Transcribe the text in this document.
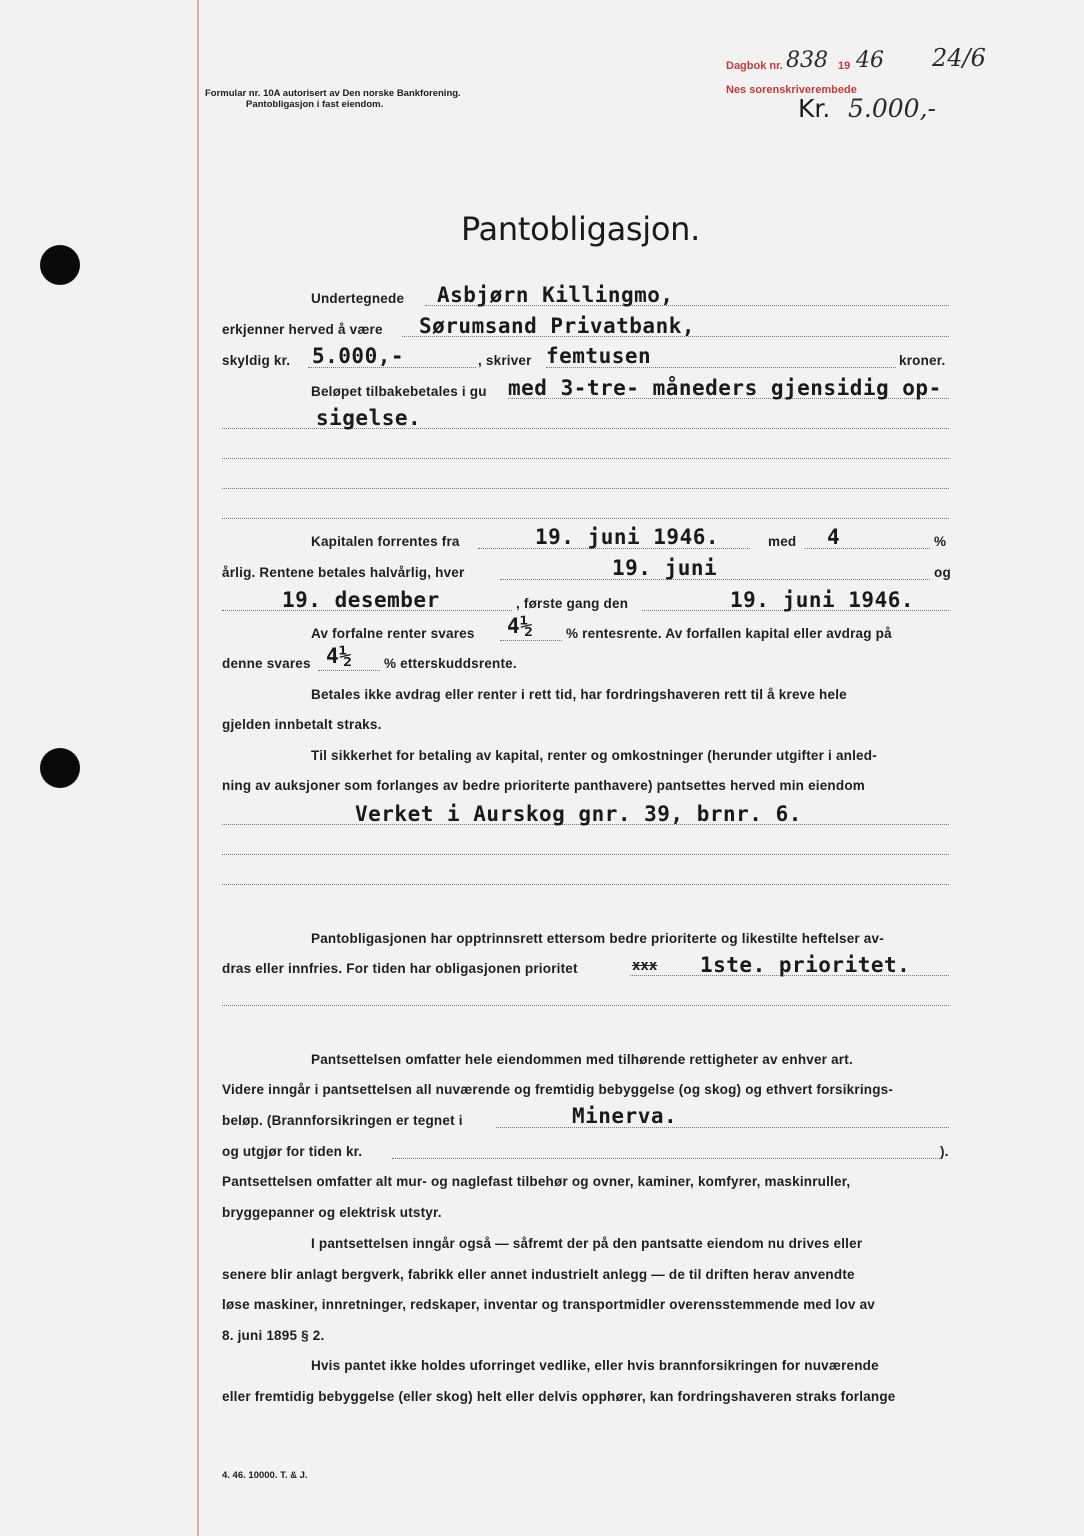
Formular nr. 10A autorisert av Den norske Bankforening.
Pantobligasjon i fast eiendom.
Dagbok nr. 838 19 46 24/6
Nes sorenskriverembede
Kr. 5.000,-
Pantobligasjon.
Undertegnede Asbjørn Killingmo,
erkjenner herved å være Sørumsand Privatbank,
skyldig kr. 5.000,-	, skriver femtusen	kroner.
Beløpet tilbakebetales i gu med 3-tre- måneders gjensidig op-
sigelse.
Kapitalen forrentes fra	19. juni 1946.	med 4	%
årlig. Rentene betales halvårlig, hver	19. juni	og
19. desember	, første gang den	19. juni 1946.
Av forfalne renter svares 4½ % rentesrente. Av forfallen kapital eller avdrag på
denne svares 4½ % etterskuddsrente.
Betales ikke avdrag eller renter i rett tid, har fordringshaveren rett til å kreve hele
gjelden innbetalt straks.
Til sikkerhet for betaling av kapital, renter og omkostninger (herunder utgifter i anled-
ning av auksjoner som forlanges av bedre prioriterte panthavere) pantsettes herved min eiendom
Verket i Aurskog gnr. 39, brnr. 6.
Pantobligasjonen har opptrinnsrett ettersom bedre prioriterte og likestilte heftelser av-
dras eller innfries. For tiden har obligasjonen prioritet	xxx 1ste. prioritet.
Pantsettelsen omfatter hele eiendommen med tilhørende rettigheter av enhver art.
Videre inngår i pantsettelsen all nuværende og fremtidig bebyggelse (og skog) og ethvert forsikrings-
beløp. (Brannforsikringen er tegnet i	Minerva.
og utgjør for tiden kr.	).
Pantsettelsen omfatter alt mur- og naglefast tilbehør og ovner, kaminer, komfyrer, maskinruller,
bryggepanner og elektrisk utstyr.
I pantsettelsen inngår også — såfremt der på den pantsatte eiendom nu drives eller
senere blir anlagt bergverk, fabrikk eller annet industrielt anlegg — de til driften herav anvendte
løse maskiner, innretninger, redskaper, inventar og transportmidler overensstemmende med lov av
8. juni 1895 § 2.
Hvis pantet ikke holdes uforringet vedlike, eller hvis brannforsikringen for nuværende
eller fremtidig bebyggelse (eller skog) helt eller delvis opphører, kan fordringshaveren straks forlange
4. 46. 10000. T. & J.
